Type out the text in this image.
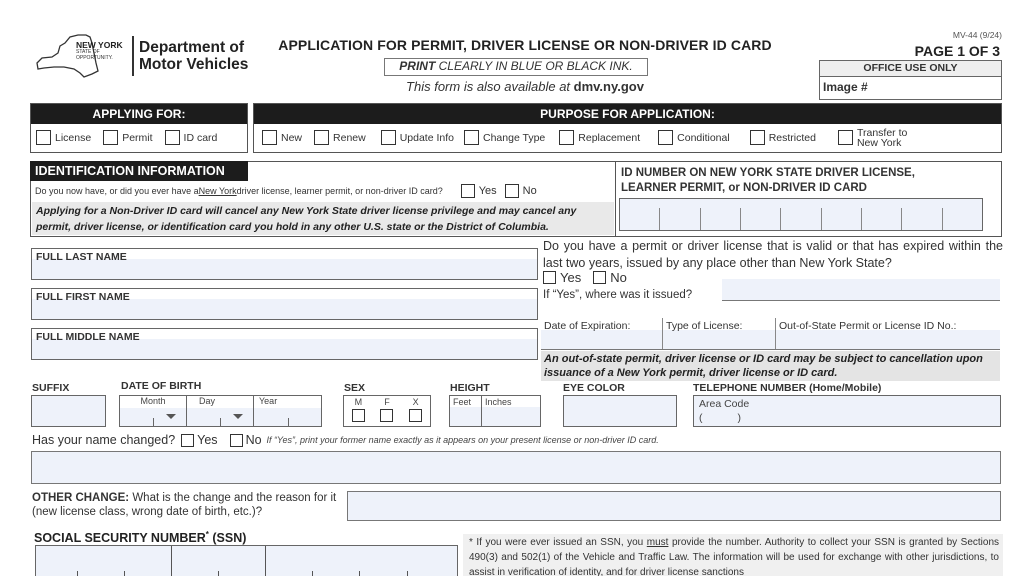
NEW YORK
STATE OF
OPPORTUNITY.
Department of
Motor Vehicles
APPLICATION FOR PERMIT, DRIVER LICENSE OR NON-DRIVER ID CARD
PRINT CLEARLY IN BLUE OR BLACK INK.
This form is also available at dmv.ny.gov
MV-44 (9/24)
PAGE 1 OF 3
OFFICE USE ONLY
Image #
APPLYING FOR:
License	Permit	ID card
PURPOSE FOR APPLICATION:
New	Renew	Update Info	Change Type	Replacement	Conditional	Restricted	Transfer to
New York
IDENTIFICATION INFORMATION
Do you now have, or did you ever have a New York driver license, learner permit, or non-driver ID card?	Yes No
Applying for a Non-Driver ID card will cancel any New York State driver license privilege and may cancel any permit, driver license, or identification card you hold in any other U.S. state or the District of Columbia.
ID NUMBER ON NEW YORK STATE DRIVER LICENSE,
LEARNER PERMIT, or NON-DRIVER ID CARD
FULL LAST NAME
FULL FIRST NAME
FULL MIDDLE NAME
Do you have a permit or driver license that is valid or that has expired within the last two years, issued by any place other than New York State?
Yes No
If “Yes”, where was it issued?
Date of Expiration:	Type of License:	Out-of-State Permit or License ID No.:
An out-of-state permit, driver license or ID card may be subject to cancellation upon issuance of a New York permit, driver license or ID card.
SUFFIX	DATE OF BIRTH
Month	Day	Year
SEX
M F	X
HEIGHT
Feet	Inches
EYE COLOR	TELEPHONE NUMBER (Home/Mobile)
Area Code
(            )
Has your name changed? Yes No If “Yes”, print your former name exactly as it appears on your present license or non-driver ID card.
OTHER CHANGE: What is the change and the reason for it (new license class, wrong date of birth, etc.)?
SOCIAL SECURITY NUMBER* (SSN)	* If you were ever issued an SSN, you must provide the number. Authority to collect your SSN is granted by Sections 490(3) and 502(1) of the Vehicle and Traffic Law. The information will be used for exchange with other jurisdictions, to assist in verification of identity, and for driver license sanctions
